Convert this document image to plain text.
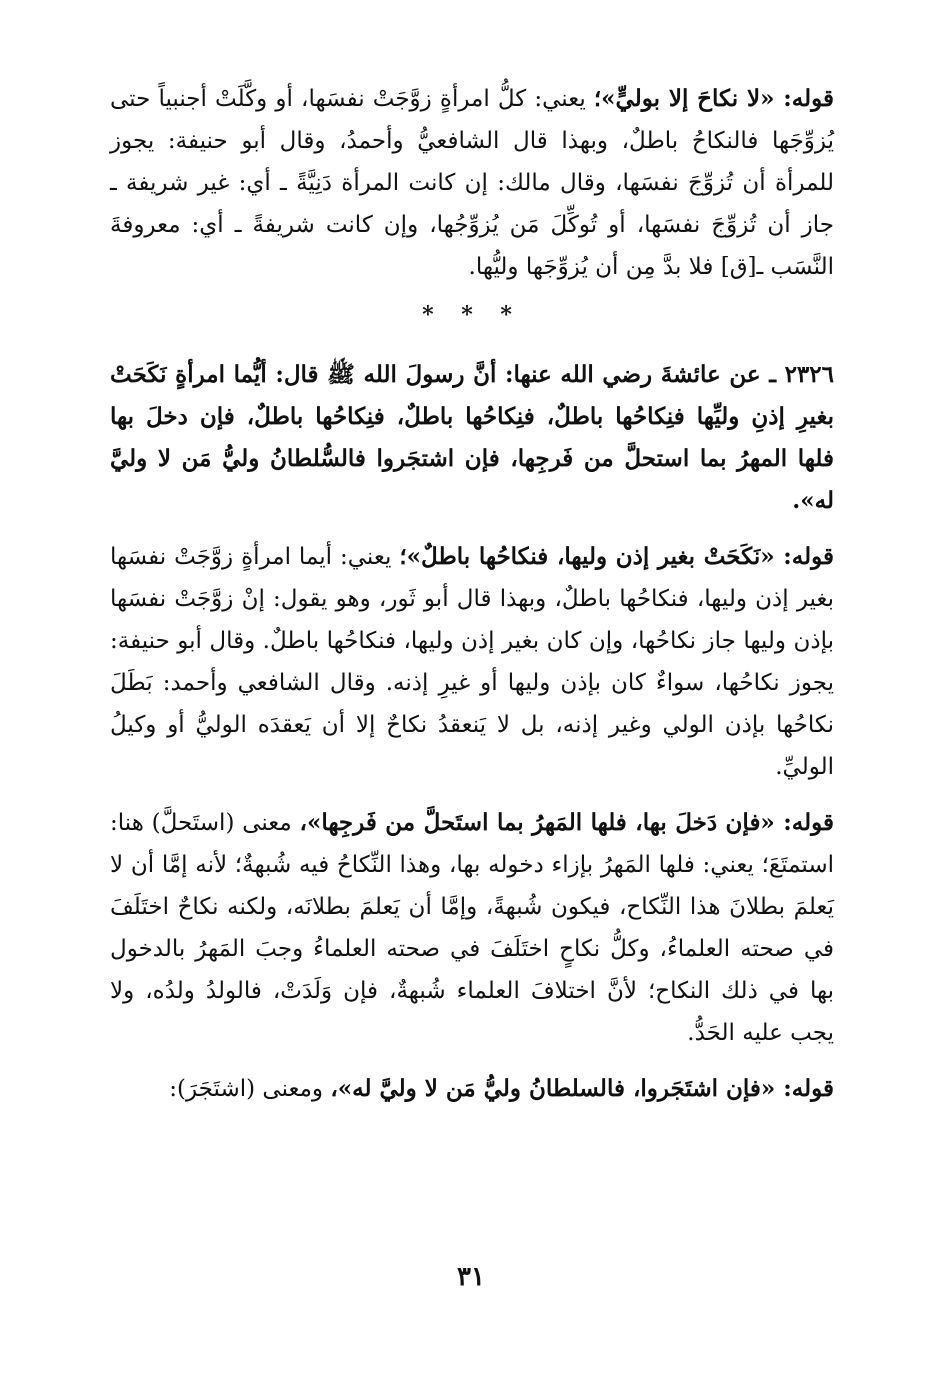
قوله: «لا نكاحَ إلا بوليٍّ»؛ يعني: كلُّ امرأةٍ زوَّجَتْ نفسَها، أو وكَّلَتْ أجنبياً حتى يُزوِّجَها فالنكاحُ باطلٌ، وبهذا قال الشافعيُّ وأحمدُ، وقال أبو حنيفة: يجوز للمرأة أن تُزوِّجَ نفسَها، وقال مالك: إن كانت المرأة دَنِيَّةً ـ أي: غير شريفة ـ جاز أن تُزوِّجَ نفسَها، أو تُوكِّلَ مَن يُزوِّجُها، وإن كانت شريفةً ـ أي: معروفةَ النَّسَب ـ[ق] فلا بدَّ مِن أن يُزوِّجَها وليُّها.

* * *

٢٣٢٦ ـ عن عائشةَ رضي الله عنها: أنَّ رسولَ الله ﷺ قال: أيُّما امرأةٍ نَكَحَتْ بغيرِ إذنِ وليِّها فنِكاحُها باطلٌ، فنِكاحُها باطلٌ، فنِكاحُها باطلٌ، فإن دخلَ بها فلها المهرُ بما استحلَّ من فَرجِها، فإن اشتجَروا فالسُّلطانُ وليُّ مَن لا وليَّ له».

قوله: «نَكَحَتْ بغير إذن وليها، فنكاحُها باطلٌ»؛ يعني: أيما امرأةٍ زوَّجَتْ نفسَها بغير إذن وليها، فنكاحُها باطلٌ، وبهذا قال أبو ثَور، وهو يقول: إنْ زوَّجَتْ نفسَها بإذن وليها جاز نكاحُها، وإن كان بغير إذن وليها، فنكاحُها باطلٌ. وقال أبو حنيفة: يجوز نكاحُها، سواءٌ كان بإذن وليها أو غيرِ إذنه. وقال الشافعي وأحمد: بَطَلَ نكاحُها بإذن الولي وغير إذنه، بل لا يَنعقدُ نكاحٌ إلا أن يَعقدَه الوليُّ أو وكيلُ الوليِّ.

قوله: «فإن دَخلَ بها، فلها المَهرُ بما استَحلَّ من فَرجِها»، معنى (استَحلَّ) هنا: استمتَعَ؛ يعني: فلها المَهرُ بإزاء دخوله بها، وهذا النِّكاحُ فيه شُبهةٌ؛ لأنه إمَّا أن لا يَعلمَ بطلانَ هذا النِّكاح، فيكون شُبهةً، وإمَّا أن يَعلمَ بطلانَه، ولكنه نكاحٌ اختَلَفَ في صحته العلماءُ، وكلُّ نكاحٍ اختَلَفَ في صحته العلماءُ وجبَ المَهرُ بالدخول بها في ذلك النكاح؛ لأنَّ اختلافَ العلماء شُبهةٌ، فإن وَلَدَتْ، فالولدُ ولدُه، ولا يجب عليه الحَدُّ.

قوله: «فإن اشتَجَروا، فالسلطانُ وليُّ مَن لا وليَّ له»، ومعنى (اشتَجَرَ):

٣١
